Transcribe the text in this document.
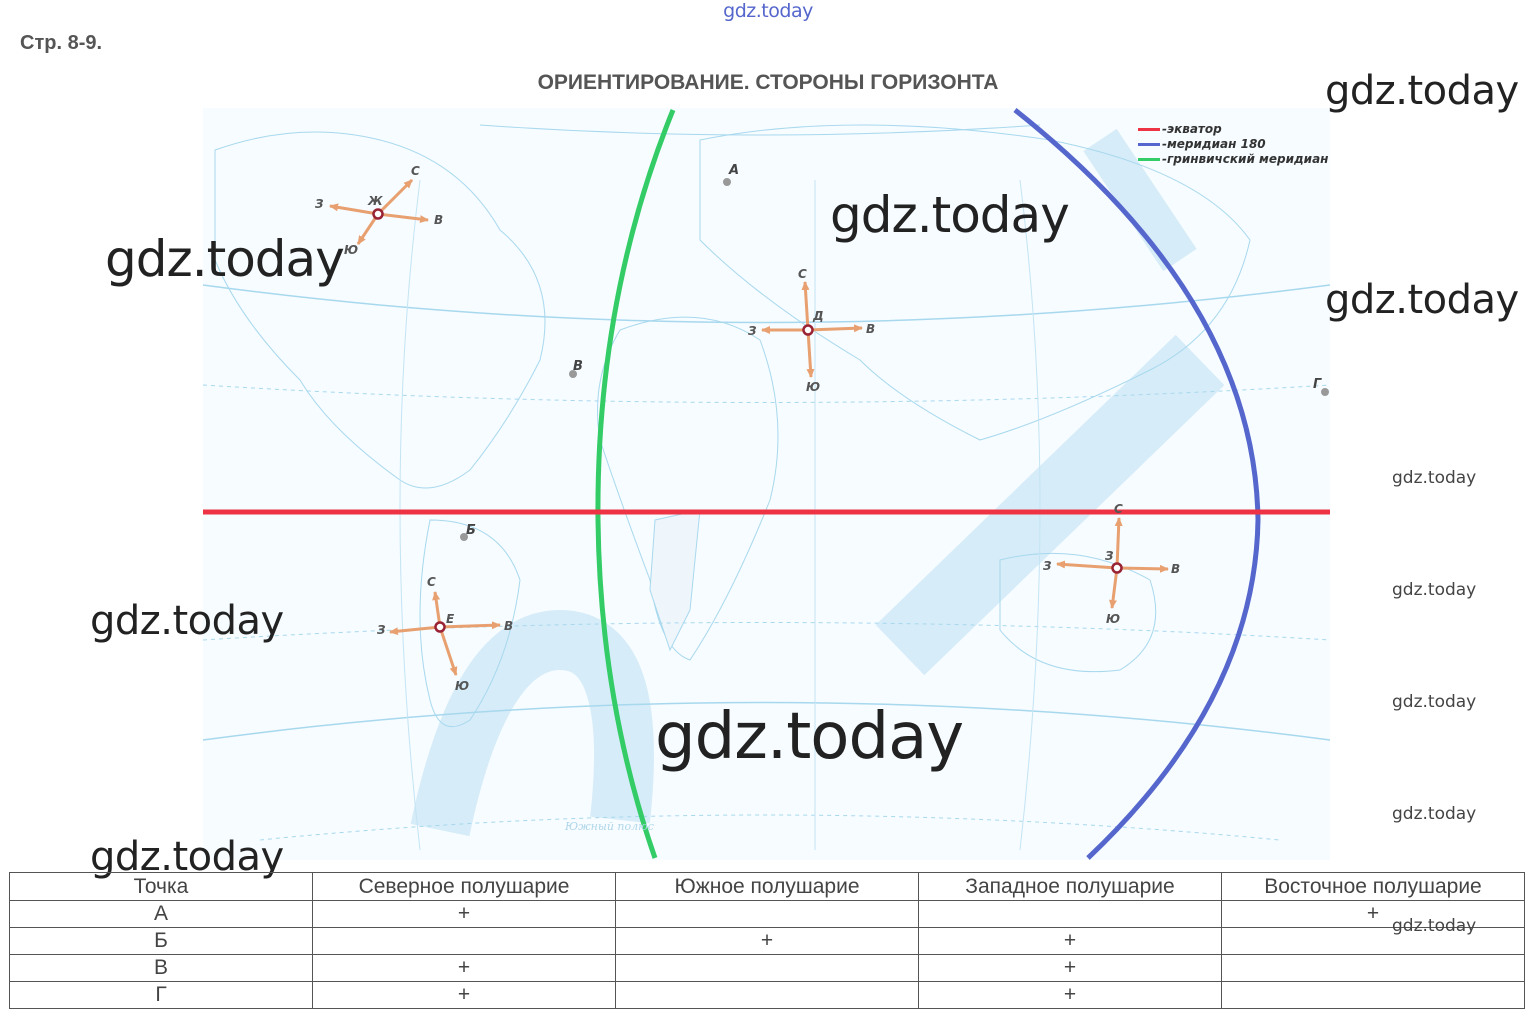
gdz.today
Стр. 8-9.
ОРИЕНТИРОВАНИЕ. СТОРОНЫ ГОРИЗОНТА
А
Б
В
Г
Ж
С
В
З
Ю
Д
С
В
З
Ю
Е
С
В
З
Ю
З
С
В
З
Ю
Южный полюс
-экватор
-меридиан 180
-гринвичский меридиан
gdz.today
gdz.today
gdz.today
gdz.today
gdz.today
gdz.today
gdz.today
gdz.today
gdz.today
gdz.today
gdz.today
Точка	Северное полушарие	Южное полушарие	Западное полушарие	Восточное полушарие
А	+			+
Б		+	+	
В	+		+	
Г	+		+	
gdz.today
